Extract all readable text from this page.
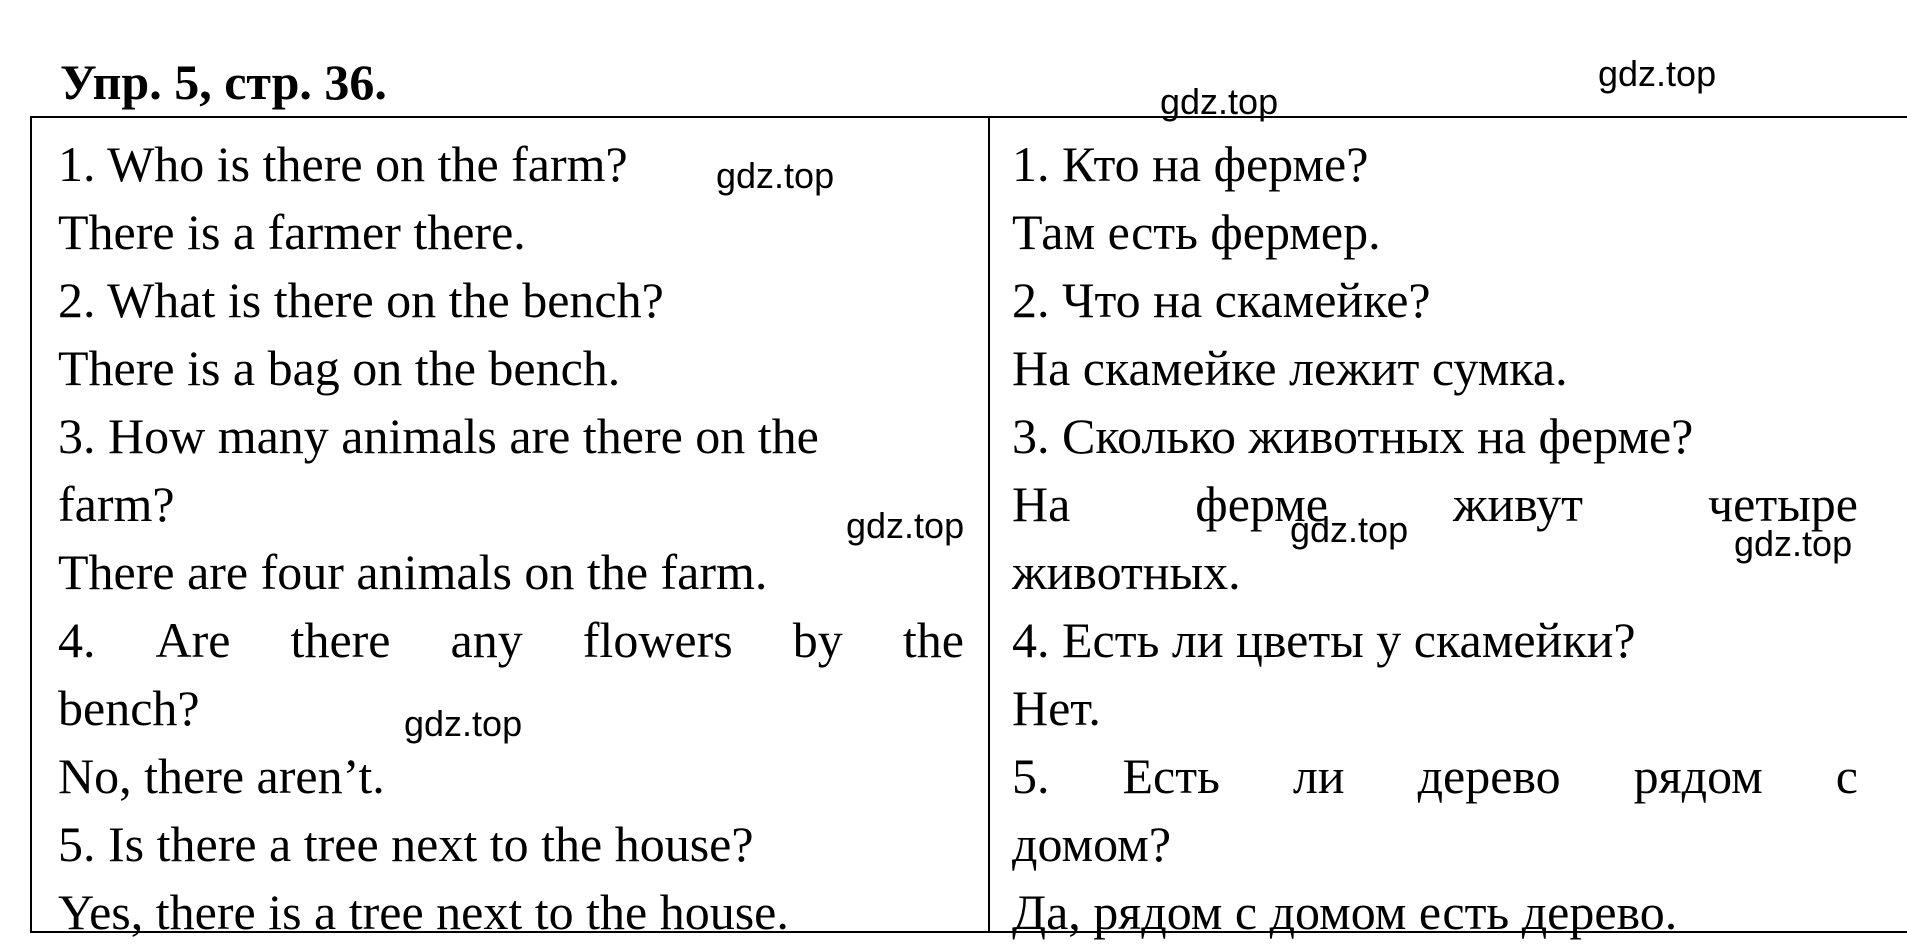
Упр. 5, стр. 36.
1. Who is there on the farm?
There is a farmer there.
2. What is there on the bench?
There is a bag on the bench.
3. How many animals are there on the
farm?
There are four animals on the farm.
4. Are there any flowers by the
bench?
No, there aren’t.
5. Is there a tree next to the house?
Yes, there is a tree next to the house.
1. Кто на ферме?
Там есть фермер.
2. Что на скамейке?
На скамейке лежит сумка.
3. Сколько животных на ферме?
На ферме живут четыре
животных.
4. Есть ли цветы у скамейки?
Нет.
5. Есть ли дерево рядом с
домом?
Да, рядом с домом есть дерево.
gdz.top
gdz.top
gdz.top
gdz.top	gdz.top	gdz.top
gdz.top
